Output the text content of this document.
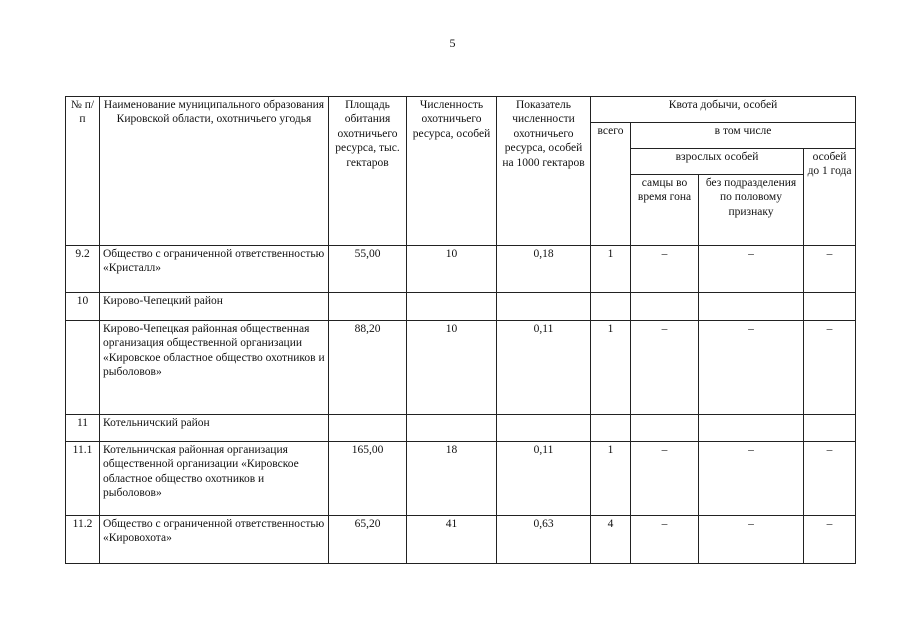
5
№ п/п	Наименование муниципального образования Кировской области, охотничьего угодья	Площадь обитания охотничьего ресурса, тыс. гектаров	Численность охотничьего ресурса, особей	Показатель численности охотничьего ресурса, особей на 1000 гектаров	Квота добычи, особей			
					всего	в том числе		
						взрослых особей		особей до 1 года
						самцы во время гона	без подразделения по половому признаку	
9.2	Общество с ограниченной ответственностью «Кристалл»	55,00	10	0,18	1	–	–	–
10	Кирово-Чепецкий район							
	Кирово-Чепецкая районная общественная организация общественной организации «Кировское областное общество охотников и рыболовов»	88,20	10	0,11	1	–	–	–
11	Котельничский район							
11.1	Котельничская районная организация общественной организации «Кировское областное общество охотников и рыболовов»	165,00	18	0,11	1	–	–	–
11.2	Общество с ограниченной ответственностью «Кировохота»	65,20	41	0,63	4	–	–	–
